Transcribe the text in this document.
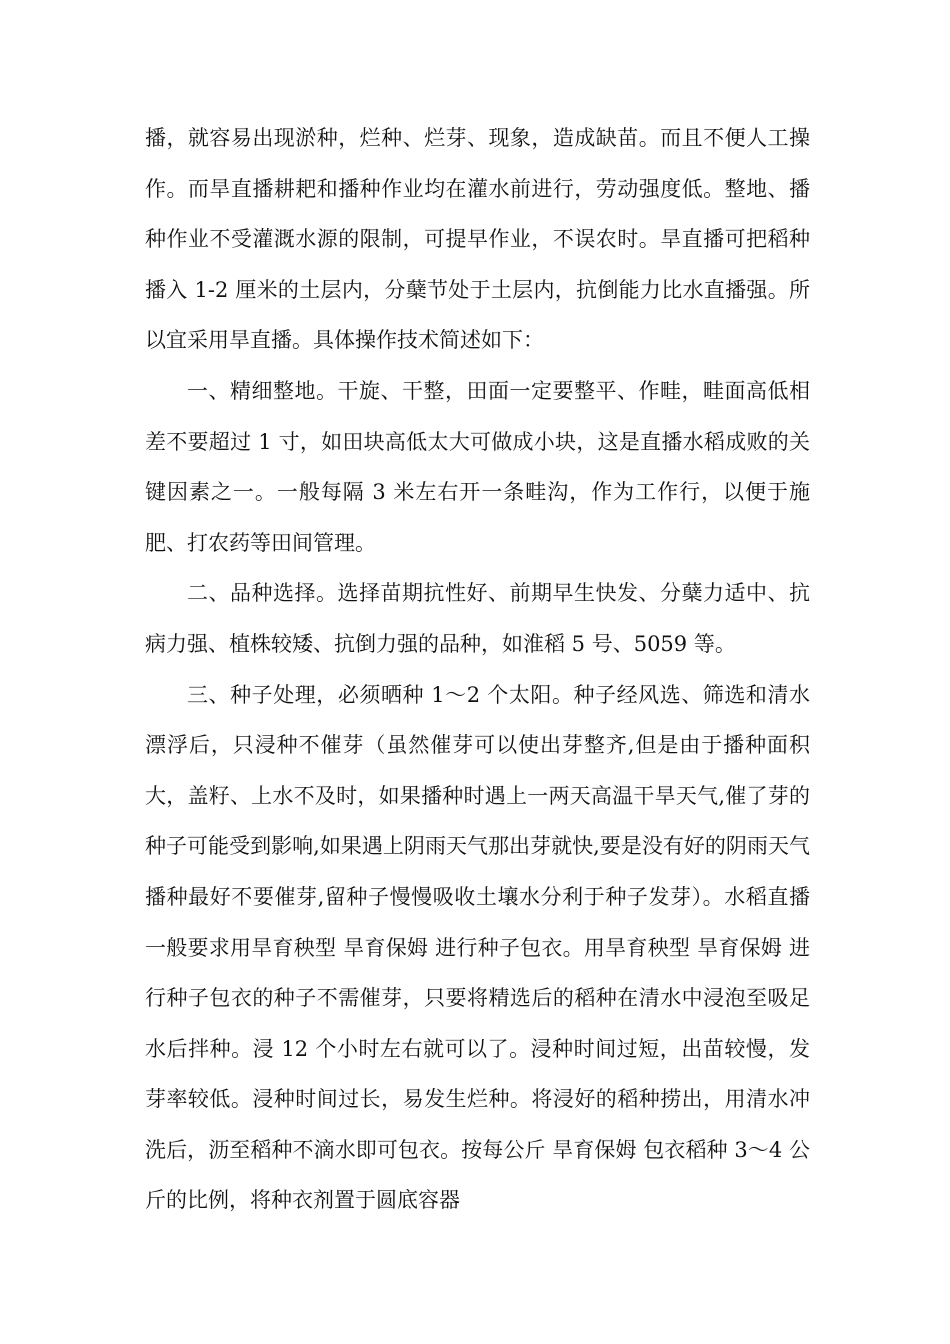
播，就容易出现淤种，烂种、烂芽、现象，造成缺苗。而且不便人工操作。而旱直播耕耙和播种作业均在灌水前进行，劳动强度低。整地、播种作业不受灌溉水源的限制，可提早作业，不误农时。旱直播可把稻种播入 1-2 厘米的土层内，分蘖节处于土层内，抗倒能力比水直播强。所以宜采用旱直播。具体操作技术简述如下：

一、精细整地。干旋、干整，田面一定要整平、作畦，畦面高低相差不要超过 1 寸，如田块高低太大可做成小块，这是直播水稻成败的关键因素之一。一般每隔 3 米左右开一条畦沟，作为工作行，以便于施肥、打农药等田间管理。

二、品种选择。选择苗期抗性好、前期早生快发、分蘖力适中、抗病力强、植株较矮、抗倒力强的品种，如淮稻 5 号、5059 等。

三、种子处理，必须晒种 1～2 个太阳。种子经风选、筛选和清水漂浮后，只浸种不催芽（虽然催芽可以使出芽整齐,但是由于播种面积大，盖籽、上水不及时，如果播种时遇上一两天高温干旱天气,催了芽的种子可能受到影响,如果遇上阴雨天气那出芽就快,要是没有好的阴雨天气播种最好不要催芽,留种子慢慢吸收土壤水分利于种子发芽）。水稻直播一般要求用旱育秧型 旱育保姆 进行种子包衣。用旱育秧型 旱育保姆 进行种子包衣的种子不需催芽，只要将精选后的稻种在清水中浸泡至吸足水后拌种。浸 12 个小时左右就可以了。浸种时间过短，出苗较慢，发芽率较低。浸种时间过长，易发生烂种。将浸好的稻种捞出，用清水冲洗后，沥至稻种不滴水即可包衣。按每公斤 旱育保姆 包衣稻种 3～4 公斤的比例，将种衣剂置于圆底容器
